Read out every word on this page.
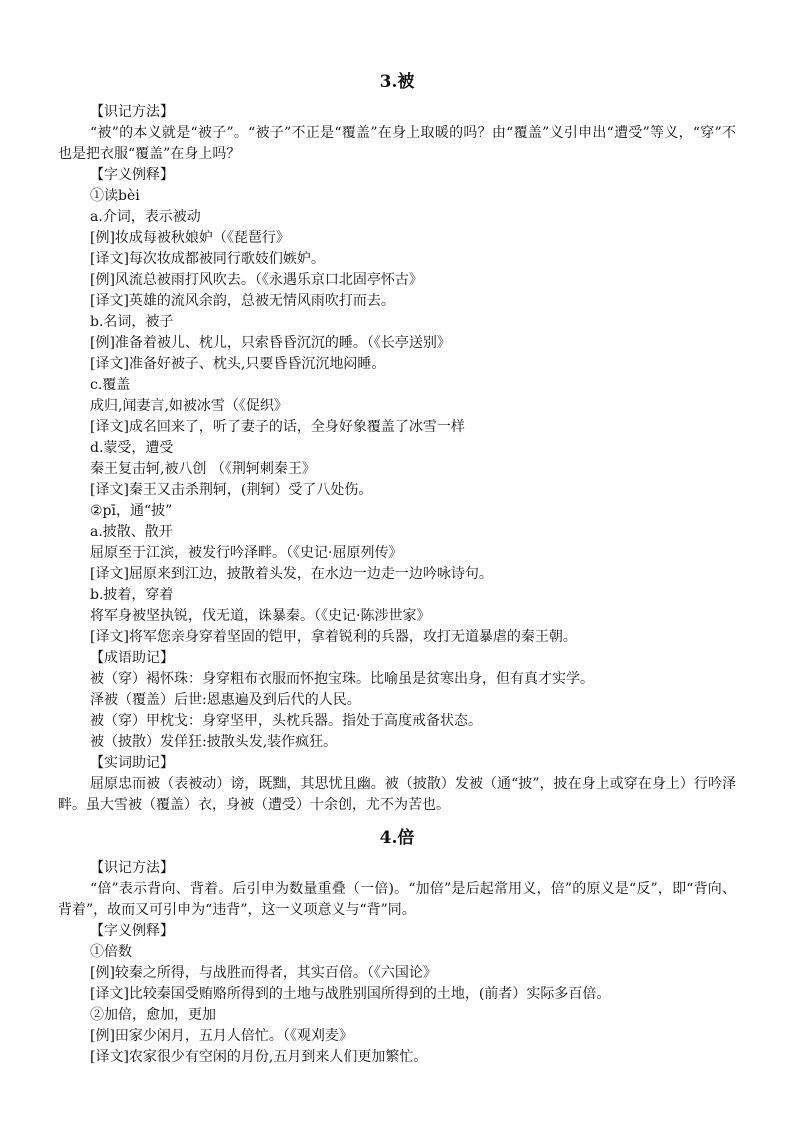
3.被
【识记方法】
“被”的本义就是“被子”。“被子”不正是“覆盖”在身上取暖的吗？由“覆盖”义引申出“遭受”等义，“穿”不也是把衣服“覆盖”在身上吗？
【字义例释】
①读bèi
a.介词，表示被动
[例]妆成每被秋娘妒（《琵琶行》
[译文]每次妆成都被同行歌妓们嫉妒。
[例]风流总被雨打风吹去。（《永遇乐京口北固亭怀古》
[译文]英雄的流风余韵，总被无情风雨吹打而去。
b.名词，被子
[例]准备着被儿、枕儿，只索昏昏沉沉的睡。（《长亭送别》
[译文]准备好被子、枕头,只要昏昏沉沉地闷睡。
c.覆盖
成归,闻妻言,如被冰雪（《促织》
[译文]成名回来了，听了妻子的话，全身好象覆盖了冰雪一样
d.蒙受，遭受
秦王复击轲,被八创 （《荆轲刺秦王》
[译文]秦王又击杀荆轲，(荆轲）受了八处伤。
②pī，通“披”
a.披散、散开
屈原至于江滨，被发行吟泽畔。（《史记·屈原列传》
[译文]屈原来到江边，披散着头发，在水边一边走一边吟咏诗句。
b.披着，穿着
将军身被坚执锐，伐无道，诛暴秦。（《史记·陈涉世家》
[译文]将军您亲身穿着坚固的铠甲，拿着锐利的兵器，攻打无道暴虐的秦王朝。
【成语助记】
被（穿）褐怀珠：身穿粗布衣服而怀抱宝珠。比喻虽是贫寒出身，但有真才实学。
泽被（覆盖）后世:恩惠遍及到后代的人民。
被（穿）甲枕戈：身穿坚甲，头枕兵器。指处于高度戒备状态。
被（披散）发佯狂:披散头发,装作疯狂。
【实词助记】
屈原忠而被（表被动）谤，既黜，其思忧且幽。被（披散）发被（通“披”，披在身上或穿在身上）行吟泽畔。虽大雪被（覆盖）衣，身被（遭受）十余创，尤不为苦也。
4.倍
【识记方法】
“倍”表示背向、背着。后引申为数量重叠（一倍)。“加倍”是后起常用义，倍”的原义是“反”，即“背向、背着”，故而又可引申为“违背”，这一义项意义与“背”同。
【字义例释】
①倍数
[例]较秦之所得，与战胜而得者，其实百倍。（《六国论》
[译文]比较秦国受贿赂所得到的土地与战胜别国所得到的土地，(前者）实际多百倍。
②加倍，愈加，更加
[例]田家少闲月，五月人倍忙。（《观刈麦》
[译文]农家很少有空闲的月份,五月到来人们更加繁忙。
